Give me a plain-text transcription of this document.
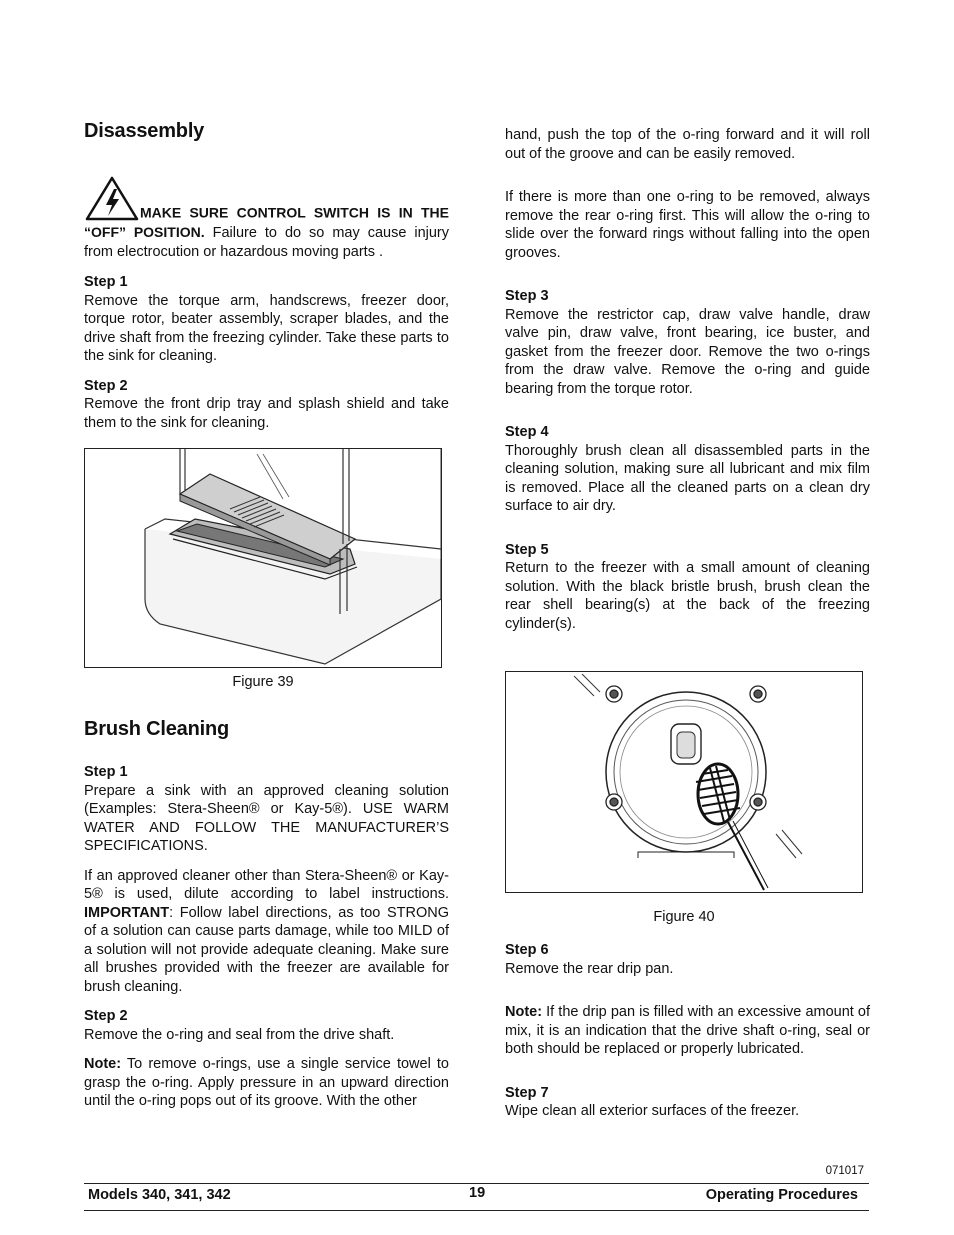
Disassembly

MAKE SURE CONTROL SWITCH IS IN THE “OFF” POSITION. Failure to do so may cause injury from electrocution or hazardous moving parts .

Step 1
Remove the torque arm, handscrews, freezer door, torque rotor, beater assembly, scraper blades, and the drive shaft from the freezing cylinder. Take these parts to the sink for cleaning.

Step 2
Remove the front drip tray and splash shield and take them to the sink for cleaning.

Figure 39
Brush Cleaning

Step 1
Prepare a sink with an approved cleaning solution (Examples: Stera-Sheen® or Kay-5®). USE WARM WATER AND FOLLOW THE MANUFACTURER’S SPECIFICATIONS.

If an approved cleaner other than Stera-Sheen® or Kay-5® is used, dilute according to label instructions. IMPORTANT: Follow label directions, as too STRONG of a solution can cause parts damage, while too MILD of a solution will not provide adequate cleaning. Make sure all brushes provided with the freezer are available for brush cleaning.

Step 2
Remove the o-ring and seal from the drive shaft.

Note: To remove o-rings, use a single service towel to grasp the o-ring. Apply pressure in an upward direction until the o-ring pops out of its groove. With the other

hand, push the top of the o-ring forward and it will roll out of the groove and can be easily removed.

If there is more than one o-ring to be removed, always remove the rear o-ring first. This will allow the o-ring to slide over the forward rings without falling into the open grooves.

Step 3
Remove the restrictor cap, draw valve handle, draw valve pin, draw valve, front bearing, ice buster, and gasket from the freezer door. Remove the two o-rings from the draw valve. Remove the o-ring and guide bearing from the torque rotor.

Step 4
Thoroughly brush clean all disassembled parts in the cleaning solution, making sure all lubricant and mix film is removed. Place all the cleaned parts on a clean dry surface to air dry.

Step 5
Return to the freezer with a small amount of cleaning solution. With the black bristle brush, brush clean the rear shell bearing(s) at the back of the freezing cylinder(s).

Figure 40

Step 6
Remove the rear drip pan.

Note: If the drip pan is filled with an excessive amount of mix, it is an indication that the drive shaft o-ring, seal or both should be replaced or properly lubricated.

Step 7
Wipe clean all exterior surfaces of the freezer.

071017
Models 340, 341, 342	19	Operating Procedures
